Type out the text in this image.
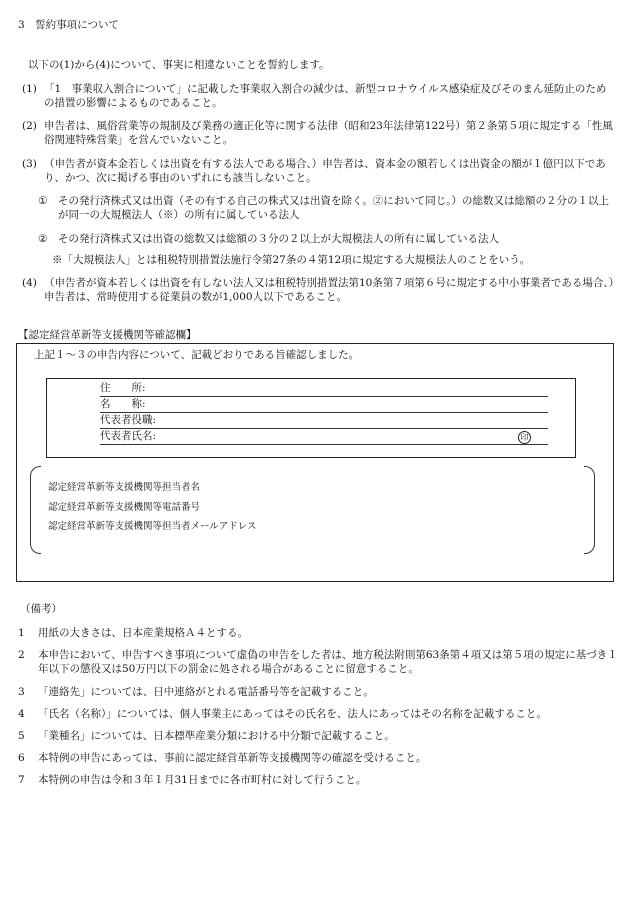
3　誓約事項について
以下の(1)から(4)について、事実に相違ないことを誓約します。
(1) 「1　事業収入割合について」に記載した事業収入割合の減少は、新型コロナウイルス感染症及びそのまん延防止のための措置の影響によるものであること。
(2) 申告者は、風俗営業等の規制及び業務の適正化等に関する法律（昭和23年法律第122号）第２条第５項に規定する「性風俗関連特殊営業」を営んでいないこと。
(3) （申告者が資本金若しくは出資を有する法人である場合、）申告者は、資本金の額若しくは出資金の額が１億円以下であり、かつ、次に掲げる事由のいずれにも該当しないこと。
① その発行済株式又は出資（その有する自己の株式又は出資を除く。②において同じ。）の総数又は総額の２分の１以上が同一の大規模法人（※）の所有に属している法人
② その発行済株式又は出資の総数又は総額の３分の２以上が大規模法人の所有に属している法人
※「大規模法人」とは租税特別措置法施行令第27条の４第12項に規定する大規模法人のことをいう。
(4) （申告者が資本若しくは出資を有しない法人又は租税特別措置法第10条第７項第６号に規定する中小事業者である場合、）申告者は、常時使用する従業員の数が1,000人以下であること。
【認定経営革新等支援機関等確認欄】
上記１～３の申告内容について、記載どおりである旨確認しました。
住　　所:
名　　称:
代表者役職:
代表者氏名:	印
認定経営革新等支援機関等担当者名
認定経営革新等支援機関等電話番号
認定経営革新等支援機関等担当者メールアドレス
（備考）
1 用紙の大きさは、日本産業規格Ａ４とする。
2 本申告において、申告すべき事項について虚偽の申告をした者は、地方税法附則第63条第４項又は第５項の規定に基づき１年以下の懲役又は50万円以下の罰金に処される場合があることに留意すること。
3 「連絡先」については、日中連絡がとれる電話番号等を記載すること。
4 「氏名（名称）」については、個人事業主にあってはその氏名を、法人にあってはその名称を記載すること。
5 「業種名」については、日本標準産業分類における中分類で記載すること。
6 本特例の申告にあっては、事前に認定経営革新等支援機関等の確認を受けること。
7 本特例の申告は令和３年１月31日までに各市町村に対して行うこと。
